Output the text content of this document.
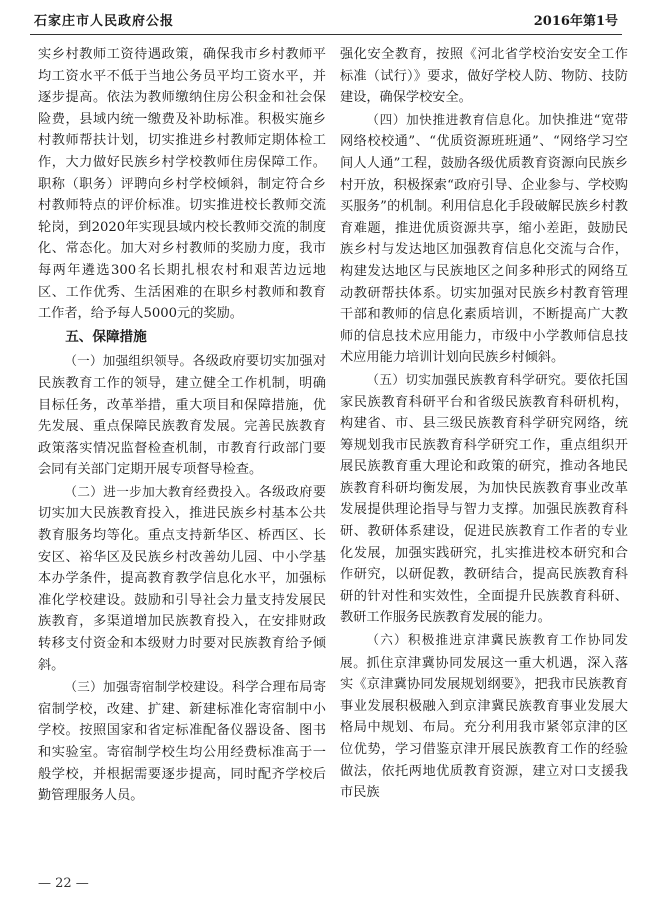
石家庄市人民政府公报	2016年第1号

实乡村教师工资待遇政策，确保我市乡村教师平均工资水平不低于当地公务员平均工资水平，并逐步提高。依法为教师缴纳住房公积金和社会保险费，县域内统一缴费及补助标准。积极实施乡村教师帮扶计划，切实推进乡村教师定期体检工作，大力做好民族乡村学校教师住房保障工作。职称（职务）评聘向乡村学校倾斜，制定符合乡村教师特点的评价标准。切实推进校长教师交流轮岗，到2020年实现县域内校长教师交流的制度化、常态化。加大对乡村教师的奖励力度，我市每两年遴选300名长期扎根农村和艰苦边远地区、工作优秀、生活困难的在职乡村教师和教育工作者，给予每人5000元的奖励。

五、保障措施

（一）加强组织领导。各级政府要切实加强对民族教育工作的领导，建立健全工作机制，明确目标任务，改革举措，重大项目和保障措施，优先发展、重点保障民族教育发展。完善民族教育政策落实情况监督检查机制，市教育行政部门要会同有关部门定期开展专项督导检查。

（二）进一步加大教育经费投入。各级政府要切实加大民族教育投入，推进民族乡村基本公共教育服务均等化。重点支持新华区、桥西区、长安区、裕华区及民族乡村改善幼儿园、中小学基本办学条件，提高教育教学信息化水平，加强标准化学校建设。鼓励和引导社会力量支持发展民族教育，多渠道增加民族教育投入，在安排财政转移支付资金和本级财力时要对民族教育给予倾斜。

（三）加强寄宿制学校建设。科学合理布局寄宿制学校，改建、扩建、新建标准化寄宿制中小学校。按照国家和省定标准配备仪器设备、图书和实验室。寄宿制学校生均公用经费标准高于一般学校，并根据需要逐步提高，同时配齐学校后勤管理服务人员。

强化安全教育，按照《河北省学校治安安全工作标准（试行）》要求，做好学校人防、物防、技防建设，确保学校安全。

（四）加快推进教育信息化。加快推进“宽带网络校校通”、“优质资源班班通”、“网络学习空间人人通”工程，鼓励各级优质教育资源向民族乡村开放，积极探索“政府引导、企业参与、学校购买服务”的机制。利用信息化手段破解民族乡村教育难题，推进优质资源共享，缩小差距，鼓励民族乡村与发达地区加强教育信息化交流与合作，构建发达地区与民族地区之间多种形式的网络互动教研帮扶体系。切实加强对民族乡村教育管理干部和教师的信息化素质培训，不断提高广大教师的信息技术应用能力，市级中小学教师信息技术应用能力培训计划向民族乡村倾斜。

（五）切实加强民族教育科学研究。要依托国家民族教育科研平台和省级民族教育科研机构，构建省、市、县三级民族教育科学研究网络，统筹规划我市民族教育科学研究工作，重点组织开展民族教育重大理论和政策的研究，推动各地民族教育科研均衡发展，为加快民族教育事业改革发展提供理论指导与智力支撑。加强民族教育科研、教研体系建设，促进民族教育工作者的专业化发展，加强实践研究，扎实推进校本研究和合作研究，以研促教，教研结合，提高民族教育科研的针对性和实效性，全面提升民族教育科研、教研工作服务民族教育发展的能力。

（六）积极推进京津冀民族教育工作协同发展。抓住京津冀协同发展这一重大机遇，深入落实《京津冀协同发展规划纲要》，把我市民族教育事业发展积极融入到京津冀民族教育事业发展大格局中规划、布局。充分利用我市紧邻京津的区位优势，学习借鉴京津开展民族教育工作的经验做法，依托两地优质教育资源，建立对口支援我市民族

— 22 —
